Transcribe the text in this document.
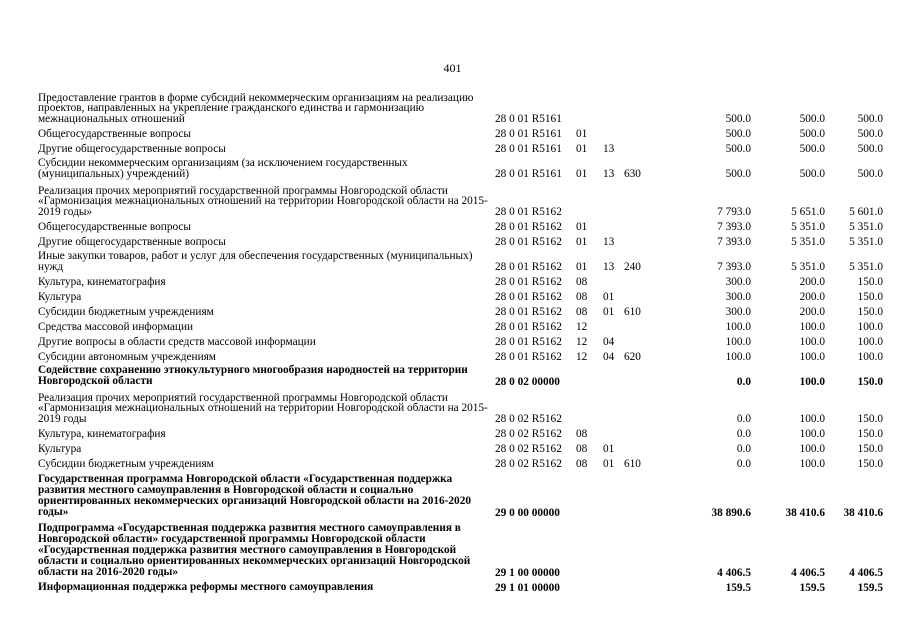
401
Предоставление грантов в форме субсидий некоммерческим организациям на реализацию проектов, направленных на укрепление гражданского единства и гармонизацию межнациональных отношений	28 0 01 R5161				500.0	500.0	500.0
Общегосударственные вопросы	28 0 01 R5161	01			500.0	500.0	500.0
Другие общегосударственные вопросы	28 0 01 R5161	01	13		500.0	500.0	500.0
Субсидии некоммерческим организациям (за исключением государственных (муниципальных) учреждений)	28 0 01 R5161	01	13	630	500.0	500.0	500.0
Реализация прочих мероприятий государственной программы Новгородской области «Гармонизация межнациональных отношений на территории Новгородской области на 2015-2019 годы»	28 0 01 R5162				7 793.0	5 651.0	5 601.0
Общегосударственные вопросы	28 0 01 R5162	01			7 393.0	5 351.0	5 351.0
Другие общегосударственные вопросы	28 0 01 R5162	01	13		7 393.0	5 351.0	5 351.0
Иные закупки товаров, работ и услуг для обеспечения государственных (муниципальных) нужд	28 0 01 R5162	01	13	240	7 393.0	5 351.0	5 351.0
Культура, кинематография	28 0 01 R5162	08			300.0	200.0	150.0
Культура	28 0 01 R5162	08	01		300.0	200.0	150.0
Субсидии бюджетным учреждениям	28 0 01 R5162	08	01	610	300.0	200.0	150.0
Средства массовой информации	28 0 01 R5162	12			100.0	100.0	100.0
Другие вопросы в области средств массовой информации	28 0 01 R5162	12	04		100.0	100.0	100.0
Субсидии автономным учреждениям	28 0 01 R5162	12	04	620	100.0	100.0	100.0
Содействие сохранению этнокультурного многообразия народностей на территории Новгородской области	28 0 02 00000				0.0	100.0	150.0
Реализация прочих мероприятий государственной программы Новгородской области «Гармонизация межнациональных отношений на территории Новгородской области на 2015-2019 годы	28 0 02 R5162				0.0	100.0	150.0
Культура, кинематография	28 0 02 R5162	08			0.0	100.0	150.0
Культура	28 0 02 R5162	08	01		0.0	100.0	150.0
Субсидии бюджетным учреждениям	28 0 02 R5162	08	01	610	0.0	100.0	150.0
Государственная программа Новгородской области «Государственная поддержка развития местного самоуправления в Новгородской области и социально ориентированных некоммерческих организаций Новгородской области на 2016-2020 годы»	29 0 00 00000				38 890.6	38 410.6	38 410.6
Подпрограмма «Государственная поддержка развития местного самоуправления в Новгородской области» государственной программы Новгородской области «Государственная поддержка развития местного самоуправления в Новгородской области и социально ориентированных некоммерческих организаций Новгородской области на 2016-2020 годы»	29 1 00 00000				4 406.5	4 406.5	4 406.5
Информационная поддержка реформы местного самоуправления	29 1 01 00000				159.5	159.5	159.5
